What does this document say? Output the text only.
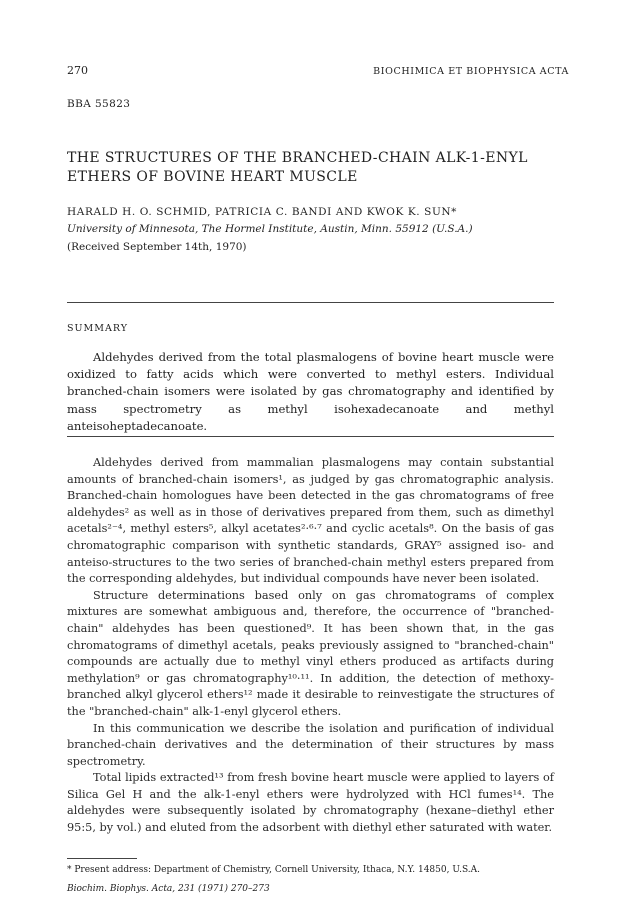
270	BIOCHIMICA ET BIOPHYSICA ACTA
BBA 55823
THE STRUCTURES OF THE BRANCHED-CHAIN ALK-1-ENYL ETHERS OF BOVINE HEART MUSCLE
HARALD H. O. SCHMID, PATRICIA C. BANDI AND KWOK K. SUN*
University of Minnesota, The Hormel Institute, Austin, Minn. 55912 (U.S.A.)
(Received September 14th, 1970)
SUMMARY

Aldehydes derived from the total plasmalogens of bovine heart muscle were oxidized to fatty acids which were converted to methyl esters. Individual branched-chain isomers were isolated by gas chromatography and identified by mass spectrometry as methyl isohexadecanoate and methyl anteisoheptadecanoate.

Aldehydes derived from mammalian plasmalogens may contain substantial amounts of branched-chain isomers¹, as judged by gas chromatographic analysis. Branched-chain homologues have been detected in the gas chromatograms of free aldehydes² as well as in those of derivatives prepared from them, such as dimethyl acetals²⁻⁴, methyl esters⁵, alkyl acetates²·⁶·⁷ and cyclic acetals⁸. On the basis of gas chromatographic comparison with synthetic standards, GRAY⁵ assigned iso- and anteiso-structures to the two series of branched-chain methyl esters prepared from the corresponding aldehydes, but individual compounds have never been isolated.

Structure determinations based only on gas chromatograms of complex mixtures are somewhat ambiguous and, therefore, the occurrence of "branched-chain" aldehydes has been questioned⁹. It has been shown that, in the gas chromatograms of dimethyl acetals, peaks previously assigned to "branched-chain" compounds are actually due to methyl vinyl ethers produced as artifacts during methylation⁹ or gas chromatography¹⁰·¹¹. In addition, the detection of methoxy-branched alkyl glycerol ethers¹² made it desirable to reinvestigate the structures of the "branched-chain" alk-1-enyl glycerol ethers.

In this communication we describe the isolation and purification of individual branched-chain derivatives and the determination of their structures by mass spectrometry.

Total lipids extracted¹³ from fresh bovine heart muscle were applied to layers of Silica Gel H and the alk-1-enyl ethers were hydrolyzed with HCl fumes¹⁴. The aldehydes were subsequently isolated by chromatography (hexane–diethyl ether 95:5, by vol.) and eluted from the adsorbent with diethyl ether saturated with water.

* Present address: Department of Chemistry, Cornell University, Ithaca, N.Y. 14850, U.S.A.
Biochim. Biophys. Acta, 231 (1971) 270–273
